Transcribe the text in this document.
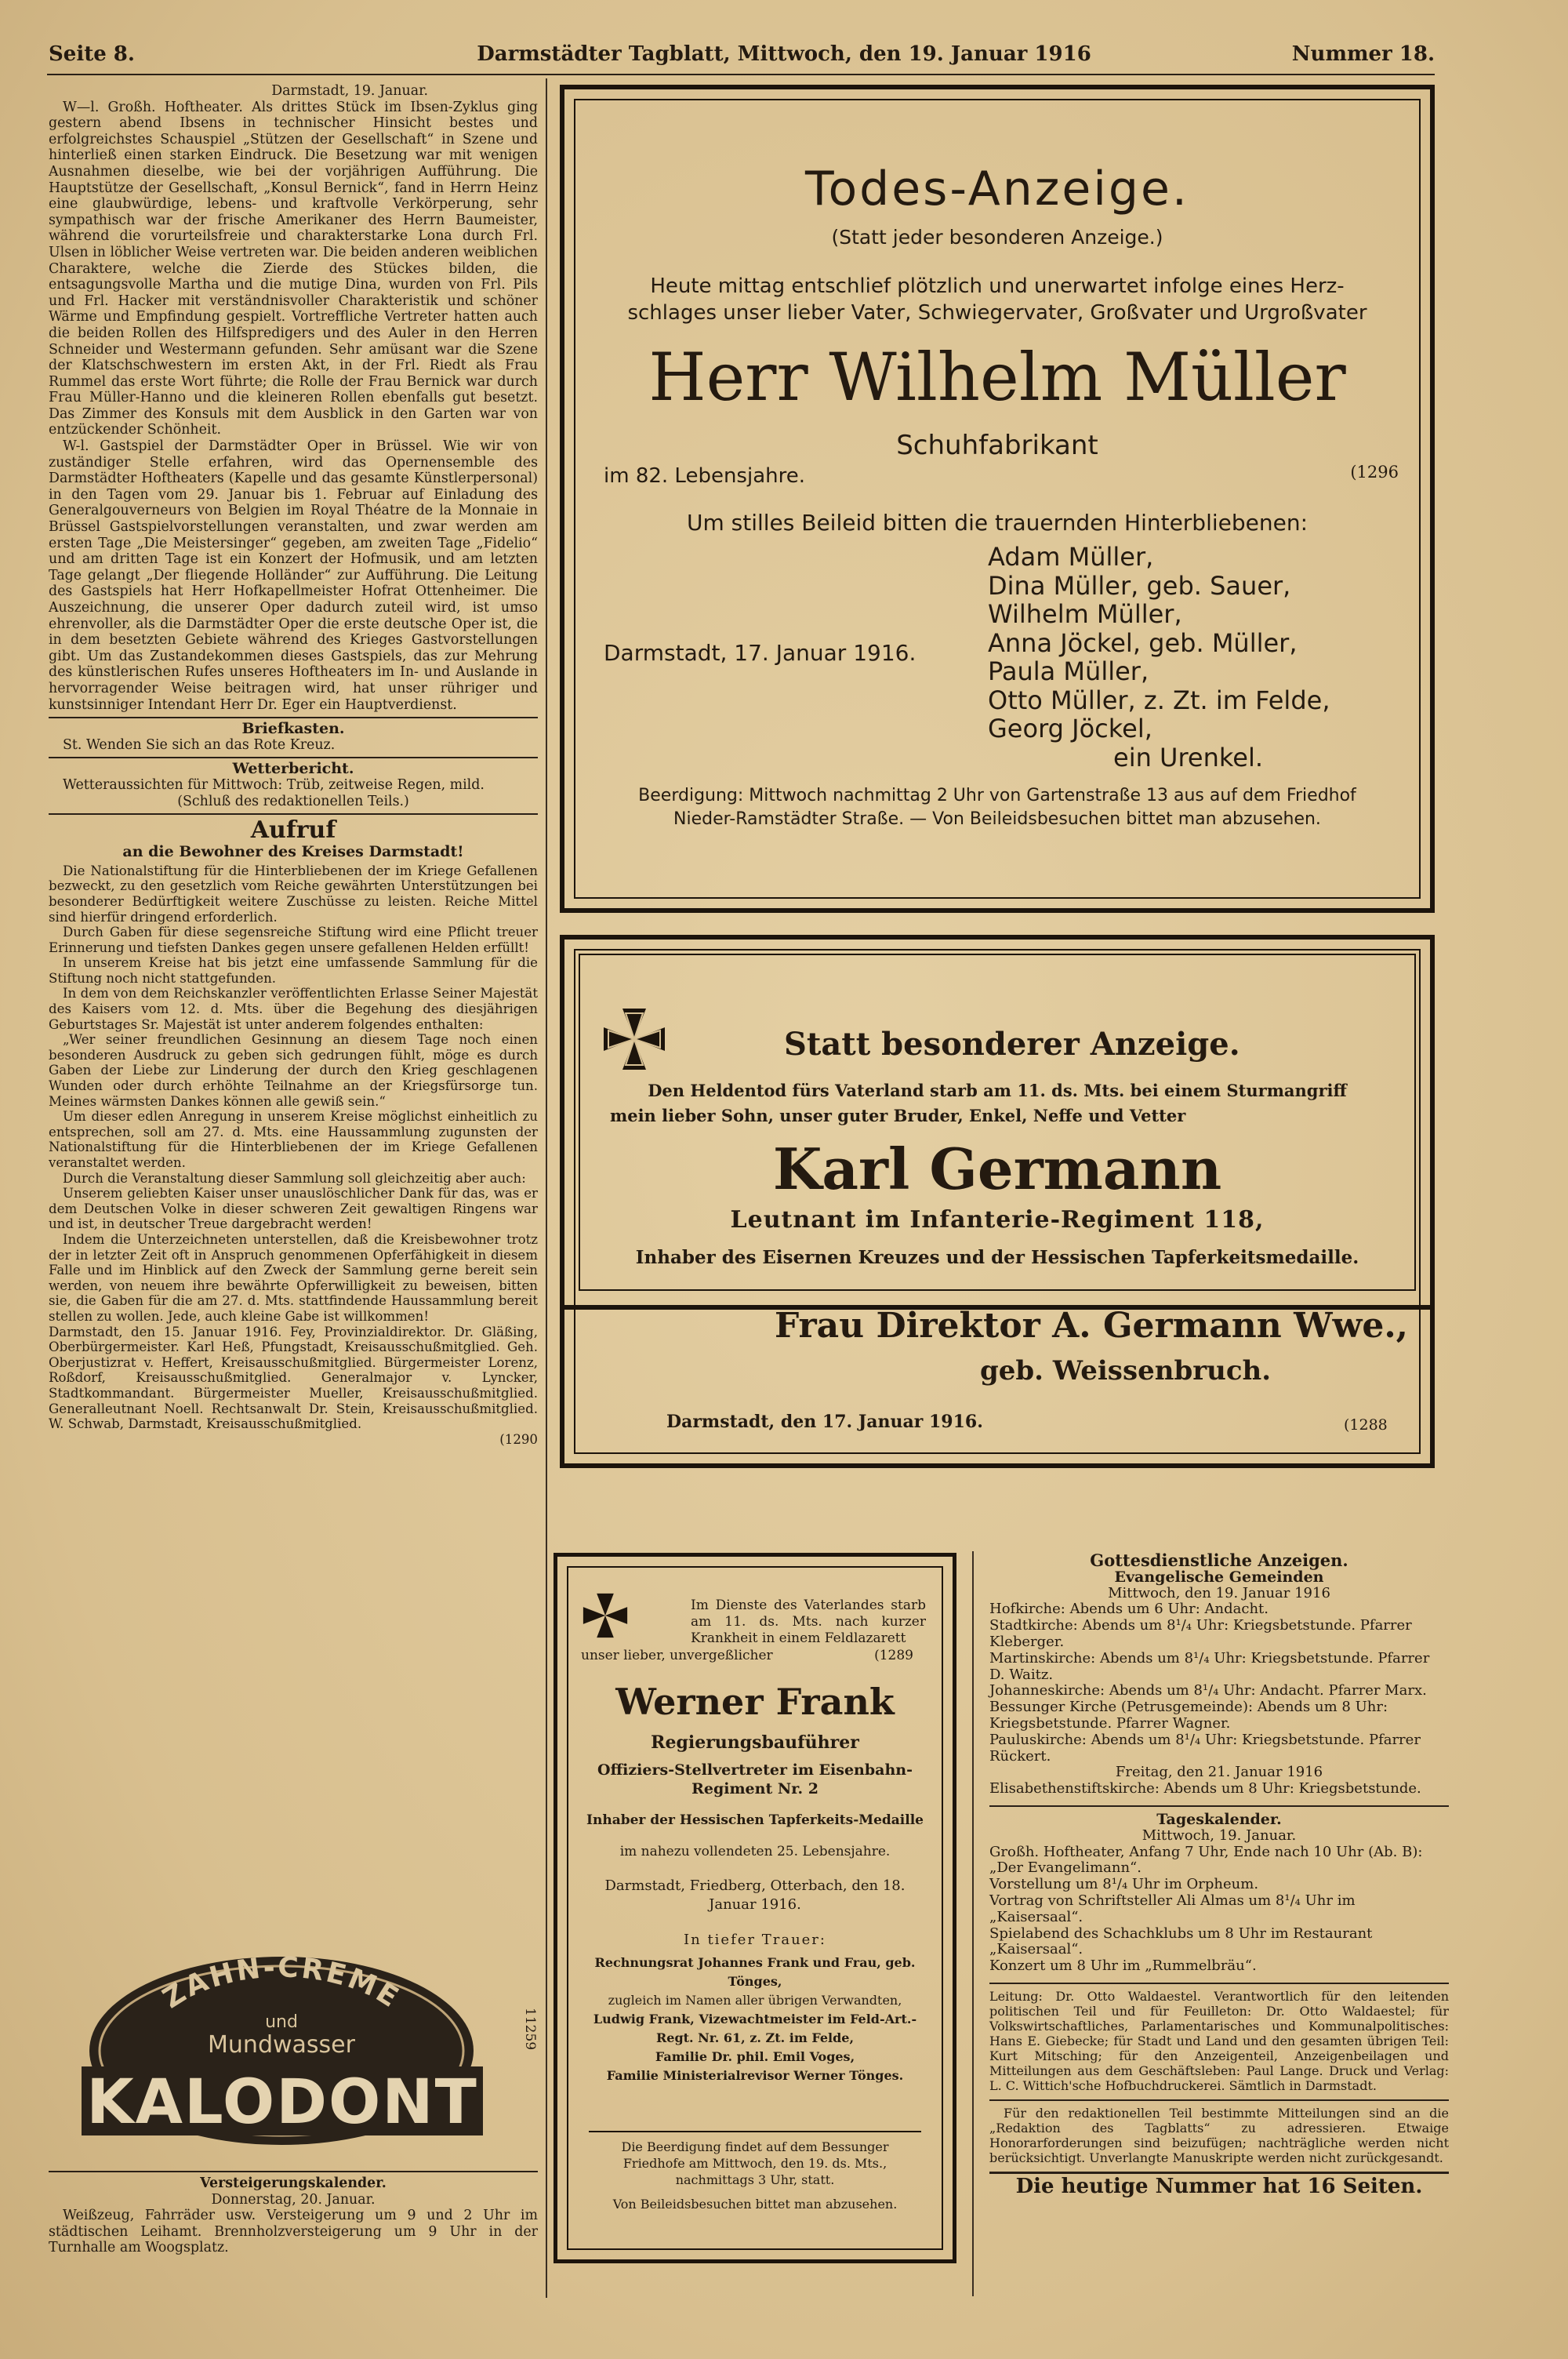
Seite 8.	Darmstädter Tagblatt, Mittwoch, den 19. Januar 1916	Nummer 18.
Darmstadt, 19. Januar.

W—l. Großh. Hoftheater. Als drittes Stück im Ibsen-Zyklus ging gestern abend Ibsens in technischer Hinsicht bestes und erfolgreichstes Schauspiel „Stützen der Gesellschaft“ in Szene und hinterließ einen starken Eindruck. Die Besetzung war mit wenigen Ausnahmen dieselbe, wie bei der vorjährigen Aufführung. Die Hauptstütze der Gesellschaft, „Konsul Bernick“, fand in Herrn Heinz eine glaubwürdige, lebens- und kraftvolle Verkörperung, sehr sympathisch war der frische Amerikaner des Herrn Baumeister, während die vorurteilsfreie und charakterstarke Lona durch Frl. Ulsen in löblicher Weise vertreten war. Die beiden anderen weiblichen Charaktere, welche die Zierde des Stückes bilden, die entsagungsvolle Martha und die mutige Dina, wurden von Frl. Pils und Frl. Hacker mit verständnisvoller Charakteristik und schöner Wärme und Empfindung gespielt. Vortreffliche Vertreter hatten auch die beiden Rollen des Hilfspredigers und des Auler in den Herren Schneider und Westermann gefunden. Sehr amüsant war die Szene der Klatschschwestern im ersten Akt, in der Frl. Riedt als Frau Rummel das erste Wort führte; die Rolle der Frau Bernick war durch Frau Müller-Hanno und die kleineren Rollen ebenfalls gut besetzt. Das Zimmer des Konsuls mit dem Ausblick in den Garten war von entzückender Schönheit.

W-l. Gastspiel der Darmstädter Oper in Brüssel. Wie wir von zuständiger Stelle erfahren, wird das Opernensemble des Darmstädter Hoftheaters (Kapelle und das gesamte Künstlerpersonal) in den Tagen vom 29. Januar bis 1. Februar auf Einladung des Generalgouverneurs von Belgien im Royal Théatre de la Monnaie in Brüssel Gastspielvorstellungen veranstalten, und zwar werden am ersten Tage „Die Meistersinger“ gegeben, am zweiten Tage „Fidelio“ und am dritten Tage ist ein Konzert der Hofmusik, und am letzten Tage gelangt „Der fliegende Holländer“ zur Aufführung. Die Leitung des Gastspiels hat Herr Hofkapellmeister Hofrat Ottenheimer. Die Auszeichnung, die unserer Oper dadurch zuteil wird, ist umso ehrenvoller, als die Darmstädter Oper die erste deutsche Oper ist, die in dem besetzten Gebiete während des Krieges Gastvorstellungen gibt. Um das Zustandekommen dieses Gastspiels, das zur Mehrung des künstlerischen Rufes unseres Hoftheaters im In- und Auslande in hervorragender Weise beitragen wird, hat unser rühriger und kunstsinniger Intendant Herr Dr. Eger ein Hauptverdienst.

Briefkasten.

St. Wenden Sie sich an das Rote Kreuz.

Wetterbericht.

Wetteraussichten für Mittwoch: Trüb, zeitweise Regen, mild.

(Schluß des redaktionellen Teils.)
Aufruf
an die Bewohner des Kreises Darmstadt!

Die Nationalstiftung für die Hinterbliebenen der im Kriege Gefallenen bezweckt, zu den gesetzlich vom Reiche gewährten Unterstützungen bei besonderer Bedürftigkeit weitere Zuschüsse zu leisten. Reiche Mittel sind hierfür dringend erforderlich.

Durch Gaben für diese segensreiche Stiftung wird eine Pflicht treuer Erinnerung und tiefsten Dankes gegen unsere gefallenen Helden erfüllt!

In unserem Kreise hat bis jetzt eine umfassende Sammlung für die Stiftung noch nicht stattgefunden.

In dem von dem Reichskanzler veröffentlichten Erlasse Seiner Majestät des Kaisers vom 12. d. Mts. über die Begehung des diesjährigen Geburtstages Sr. Majestät ist unter anderem folgendes enthalten:

„Wer seiner freundlichen Gesinnung an diesem Tage noch einen besonderen Ausdruck zu geben sich gedrungen fühlt, möge es durch Gaben der Liebe zur Linderung der durch den Krieg geschlagenen Wunden oder durch erhöhte Teilnahme an der Kriegsfürsorge tun. Meines wärmsten Dankes können alle gewiß sein.“

Um dieser edlen Anregung in unserem Kreise möglichst einheitlich zu entsprechen, soll am 27. d. Mts. eine Haussammlung zugunsten der Nationalstiftung für die Hinterbliebenen der im Kriege Gefallenen veranstaltet werden.

Durch die Veranstaltung dieser Sammlung soll gleichzeitig aber auch:

Unserem geliebten Kaiser unser unauslöschlicher Dank für das, was er dem Deutschen Volke in dieser schweren Zeit gewaltigen Ringens war und ist, in deutscher Treue dargebracht werden!

Indem die Unterzeichneten unterstellen, daß die Kreisbewohner trotz der in letzter Zeit oft in Anspruch genommenen Opferfähigkeit in diesem Falle und im Hinblick auf den Zweck der Sammlung gerne bereit sein werden, von neuem ihre bewährte Opferwilligkeit zu beweisen, bitten sie, die Gaben für die am 27. d. Mts. stattfindende Haussammlung bereit stellen zu wollen. Jede, auch kleine Gabe ist willkommen!

Darmstadt, den 15. Januar 1916. Fey, Provinzialdirektor. Dr. Gläßing, Oberbürgermeister. Karl Heß, Pfungstadt, Kreisausschußmitglied. Geh. Oberjustizrat v. Heffert, Kreisausschußmitglied. Bürgermeister Lorenz, Roßdorf, Kreisausschußmitglied. Generalmajor v. Lyncker, Stadtkommandant. Bürgermeister Mueller, Kreisausschußmitglied. Generalleutnant Noell. Rechtsanwalt Dr. Stein, Kreisausschußmitglied. W. Schwab, Darmstadt, Kreisausschußmitglied.

(1290
ZAHN-CREME
und
Mundwasser
KALODONT
11259
Versteigerungskalender.
Donnerstag, 20. Januar.

Weißzeug, Fahrräder usw. Versteigerung um 9 und 2 Uhr im städtischen Leihamt. Brennholzversteigerung um 9 Uhr in der Turnhalle am Woogsplatz.

Todes-Anzeige.
(Statt jeder besonderen Anzeige.)
Heute mittag entschlief plötzlich und unerwartet infolge eines Herz-
schlages unser lieber Vater, Schwiegervater, Großvater und Urgroßvater
Herr Wilhelm Müller
Schuhfabrikant
im 82. Lebensjahre.	(1296
Um stilles Beileid bitten die trauernden Hinterbliebenen:
Darmstadt, 17. Januar 1916.
Adam Müller,
Dina Müller, geb. Sauer,
Wilhelm Müller,
Anna Jöckel, geb. Müller,
Paula Müller,
Otto Müller, z. Zt. im Felde,
Georg Jöckel,
ein Urenkel.
Beerdigung: Mittwoch nachmittag 2 Uhr von Gartenstraße 13 aus auf dem Friedhof
Nieder-Ramstädter Straße. — Von Beileidsbesuchen bittet man abzusehen.
Statt besonderer Anzeige.
Den Heldentod fürs Vaterland starb am 11. ds. Mts. bei einem Sturmangriff
mein lieber Sohn, unser guter Bruder, Enkel, Neffe und Vetter
Karl Germann
Leutnant im Infanterie-Regiment 118,
Inhaber des Eisernen Kreuzes und der Hessischen Tapferkeitsmedaille.
Frau Direktor A. Germann Wwe.,
geb. Weissenbruch.
Darmstadt, den 17. Januar 1916.	(1288
Im Dienste des Vaterlandes starb am 11. ds. Mts. nach kurzer Krankheit in einem Feldlazarett
unser lieber, unvergeßlicher	(1289
Werner Frank
Regierungsbauführer
Offiziers-Stellvertreter im Eisenbahn-Regiment Nr. 2
Inhaber der Hessischen Tapferkeits-Medaille
im nahezu vollendeten 25. Lebensjahre.
Darmstadt, Friedberg, Otterbach, den 18. Januar 1916.
In tiefer Trauer:
Rechnungsrat Johannes Frank und Frau, geb. Tönges,
zugleich im Namen aller übrigen Verwandten,
Ludwig Frank, Vizewachtmeister im Feld-Art.-Regt. Nr. 61, z. Zt. im Felde,
Familie Dr. phil. Emil Voges,
Familie Ministerialrevisor Werner Tönges.
Die Beerdigung findet auf dem Bessunger Friedhofe am Mittwoch, den 19. ds. Mts., nachmittags 3 Uhr, statt.
Von Beileidsbesuchen bittet man abzusehen.
Gottesdienstliche Anzeigen.
Evangelische Gemeinden
Mittwoch, den 19. Januar 1916

Hofkirche: Abends um 6 Uhr: Andacht.

Stadtkirche: Abends um 8¹/₄ Uhr: Kriegsbetstunde. Pfarrer Kleberger.

Martinskirche: Abends um 8¹/₄ Uhr: Kriegsbetstunde. Pfarrer D. Waitz.

Johanneskirche: Abends um 8¹/₄ Uhr: Andacht. Pfarrer Marx.

Bessunger Kirche (Petrusgemeinde): Abends um 8 Uhr: Kriegsbetstunde. Pfarrer Wagner.

Pauluskirche: Abends um 8¹/₄ Uhr: Kriegsbetstunde. Pfarrer Rückert.

Freitag, den 21. Januar 1916

Elisabethenstiftskirche: Abends um 8 Uhr: Kriegsbetstunde.

Tageskalender.
Mittwoch, 19. Januar.

Großh. Hoftheater, Anfang 7 Uhr, Ende nach 10 Uhr (Ab. B): „Der Evangelimann“.

Vorstellung um 8¹/₄ Uhr im Orpheum.

Vortrag von Schriftsteller Ali Almas um 8¹/₄ Uhr im „Kaisersaal“.

Spielabend des Schachklubs um 8 Uhr im Restaurant „Kaisersaal“.

Konzert um 8 Uhr im „Rummelbräu“.

Leitung: Dr. Otto Waldaestel. Verantwortlich für den leitenden politischen Teil und für Feuilleton: Dr. Otto Waldaestel; für Volkswirtschaftliches, Parlamentarisches und Kommunalpolitisches: Hans E. Giebecke; für Stadt und Land und den gesamten übrigen Teil: Kurt Mitsching; für den Anzeigenteil, Anzeigenbeilagen und Mitteilungen aus dem Geschäftsleben: Paul Lange. Druck und Verlag: L. C. Wittich'sche Hofbuchdruckerei. Sämtlich in Darmstadt.

Für den redaktionellen Teil bestimmte Mitteilungen sind an die „Redaktion des Tagblatts“ zu adressieren. Etwaige Honorarforderungen sind beizufügen; nachträgliche werden nicht berücksichtigt. Unverlangte Manuskripte werden nicht zurückgesandt.

Die heutige Nummer hat 16 Seiten.
